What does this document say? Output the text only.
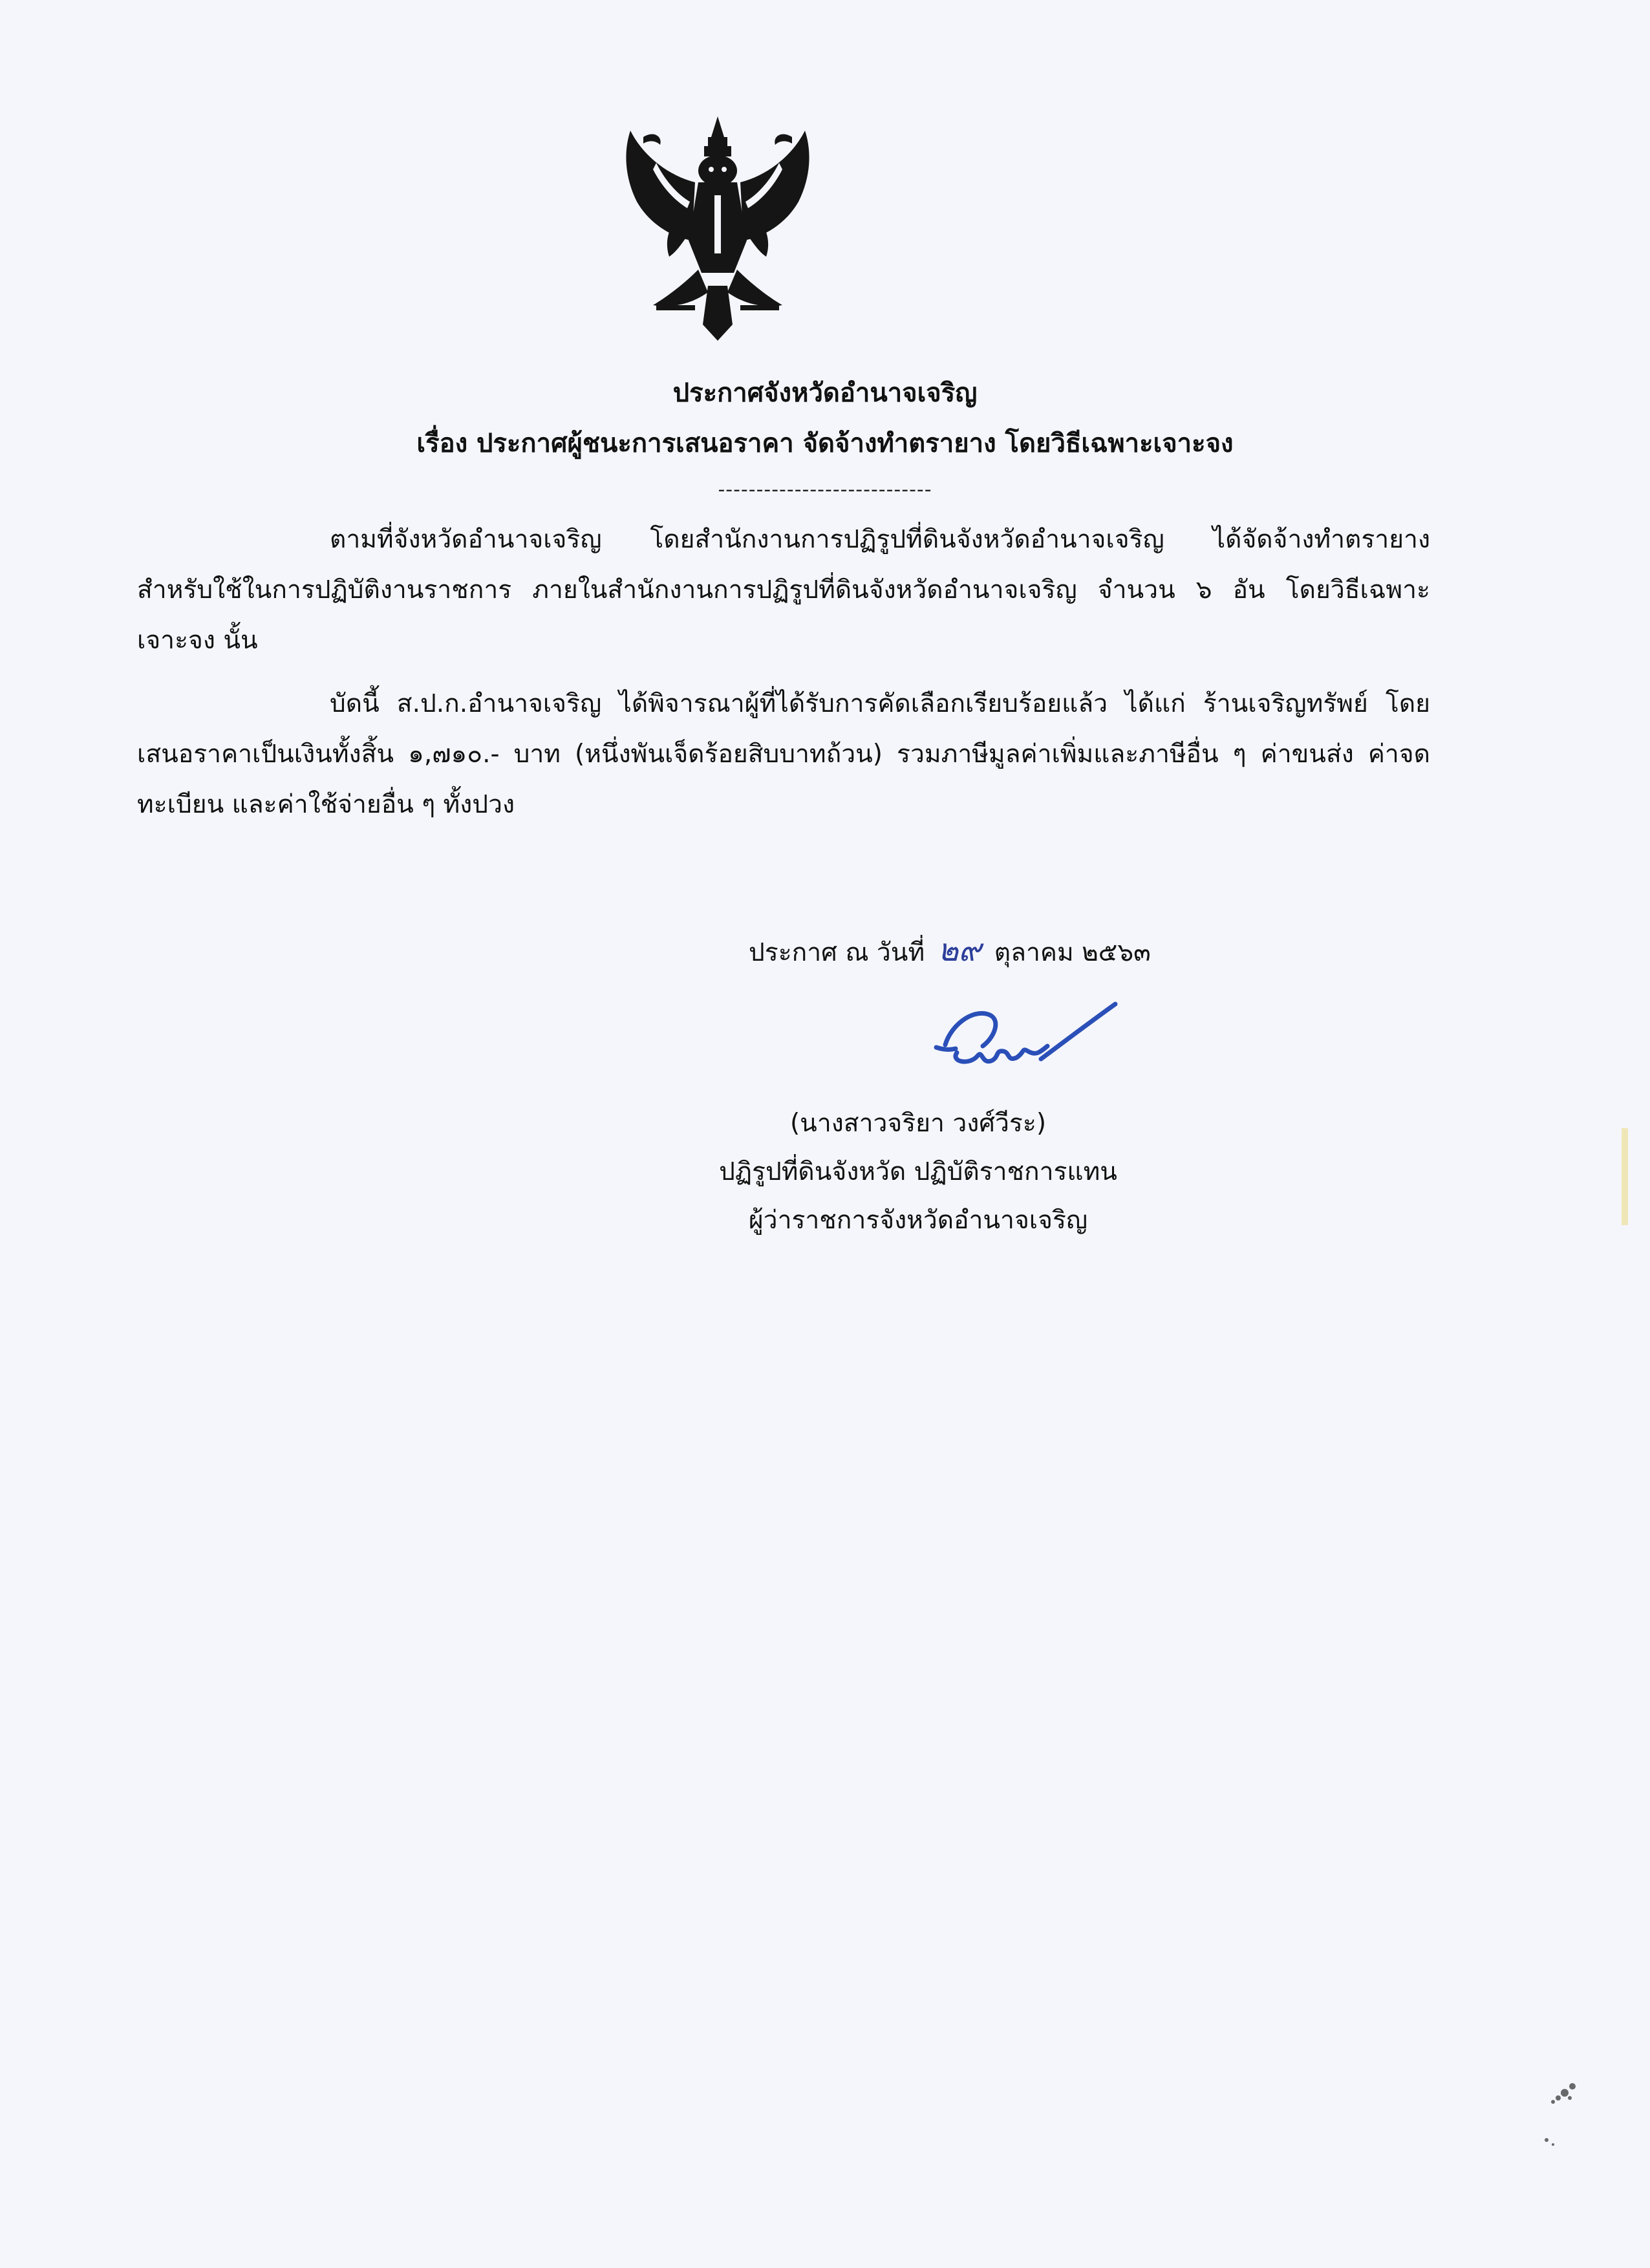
ประกาศจังหวัดอำนาจเจริญ
เรื่อง ประกาศผู้ชนะการเสนอราคา จัดจ้างทำตรายาง โดยวิธีเฉพาะเจาะจง
----------------------------

ตามที่จังหวัดอำนาจเจริญ โดยสำนักงานการปฏิรูปที่ดินจังหวัดอำนาจเจริญ ได้จัดจ้างทำตรายาง สำหรับใช้ในการปฏิบัติงานราชการ ภายในสำนักงานการปฏิรูปที่ดินจังหวัดอำนาจเจริญ จำนวน ๖ อัน โดยวิธีเฉพาะเจาะจง นั้น

บัดนี้ ส.ป.ก.อำนาจเจริญ ได้พิจารณาผู้ที่ได้รับการคัดเลือกเรียบร้อยแล้ว ได้แก่ ร้านเจริญทรัพย์ โดยเสนอราคาเป็นเงินทั้งสิ้น ๑,๗๑๐.- บาท (หนึ่งพันเจ็ดร้อยสิบบาทถ้วน) รวมภาษีมูลค่าเพิ่มและภาษีอื่น ๆ ค่าขนส่ง ค่าจดทะเบียน และค่าใช้จ่ายอื่น ๆ ทั้งปวง

ประกาศ ณ วันที่ ๒๙ ตุลาคม ๒๕๖๓
(นางสาวจริยา วงศ์วีระ)
ปฏิรูปที่ดินจังหวัด ปฏิบัติราชการแทน
ผู้ว่าราชการจังหวัดอำนาจเจริญ
